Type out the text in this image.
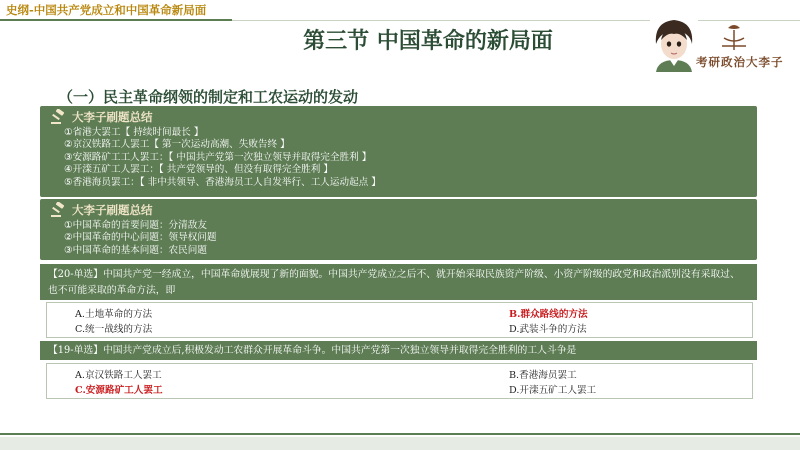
史纲-中国共产党成立和中国革命新局面
第三节 中国革命的新局面
考研政治大李子
（一）民主革命纲领的制定和工农运动的发动
大李子刷题总结
①省港大罢工【 持续时间最长 】
②京汉铁路工人罢工【 第一次运动高潮、失败告终 】
③安源路矿工工人罢工：【 中国共产党第一次独立领导并取得完全胜利 】
④开滦五矿工人罢工：【 共产党领导的、但没有取得完全胜利 】
⑤香港海员罢工：【 非中共领导、香港海员工人自发举行、工人运动起点 】
大李子刷题总结
①中国革命的首要问题：分清敌友
②中国革命的中心问题：领导权问题
③中国革命的基本问题：农民问题
【20-单选】中国共产党一经成立，中国革命就展现了新的面貌。中国共产党成立之后不、就开始采取民族资产阶级、小资产阶级的政党和政治派别没有采取过、也不可能采取的革命方法，即
A.土地革命的方法	B.群众路线的方法
C.统一战线的方法	D.武装斗争的方法
【19-单选】中国共产党成立后,积极发动工农群众开展革命斗争。中国共产党第一次独立领导并取得完全胜利的工人斗争是
A.京汉铁路工人罢工	B.香港海员罢工
C.安源路矿工人罢工	D.开滦五矿工人罢工
